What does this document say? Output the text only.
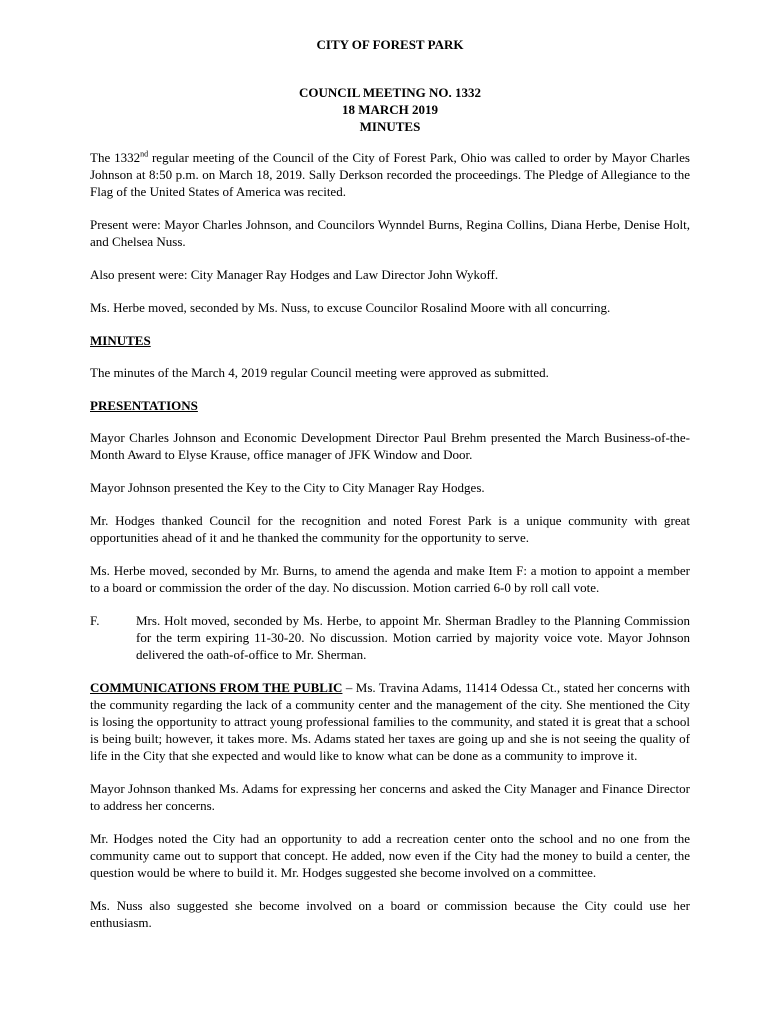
CITY OF FOREST PARK
COUNCIL MEETING NO. 1332
18 MARCH 2019
MINUTES

The 1332nd regular meeting of the Council of the City of Forest Park, Ohio was called to order by Mayor Charles Johnson at 8:50 p.m. on March 18, 2019. Sally Derkson recorded the proceedings. The Pledge of Allegiance to the Flag of the United States of America was recited.

Present were: Mayor Charles Johnson, and Councilors Wynndel Burns, Regina Collins, Diana Herbe, Denise Holt, and Chelsea Nuss.

Also present were: City Manager Ray Hodges and Law Director John Wykoff.

Ms. Herbe moved, seconded by Ms. Nuss, to excuse Councilor Rosalind Moore with all concurring.

MINUTES

The minutes of the March 4, 2019 regular Council meeting were approved as submitted.

PRESENTATIONS

Mayor Charles Johnson and Economic Development Director Paul Brehm presented the March Business-of-the-Month Award to Elyse Krause, office manager of JFK Window and Door.

Mayor Johnson presented the Key to the City to City Manager Ray Hodges.

Mr. Hodges thanked Council for the recognition and noted Forest Park is a unique community with great opportunities ahead of it and he thanked the community for the opportunity to serve.

Ms. Herbe moved, seconded by Mr. Burns, to amend the agenda and make Item F: a motion to appoint a member to a board or commission the order of the day. No discussion. Motion carried 6-0 by roll call vote.

F.	Mrs. Holt moved, seconded by Ms. Herbe, to appoint Mr. Sherman Bradley to the Planning Commission for the term expiring 11-30-20. No discussion. Motion carried by majority voice vote. Mayor Johnson delivered the oath-of-office to Mr. Sherman.

COMMUNICATIONS FROM THE PUBLIC – Ms. Travina Adams, 11414 Odessa Ct., stated her concerns with the community regarding the lack of a community center and the management of the city. She mentioned the City is losing the opportunity to attract young professional families to the community, and stated it is great that a school is being built; however, it takes more. Ms. Adams stated her taxes are going up and she is not seeing the quality of life in the City that she expected and would like to know what can be done as a community to improve it.

Mayor Johnson thanked Ms. Adams for expressing her concerns and asked the City Manager and Finance Director to address her concerns.

Mr. Hodges noted the City had an opportunity to add a recreation center onto the school and no one from the community came out to support that concept. He added, now even if the City had the money to build a center, the question would be where to build it. Mr. Hodges suggested she become involved on a committee.

Ms. Nuss also suggested she become involved on a board or commission because the City could use her enthusiasm.
